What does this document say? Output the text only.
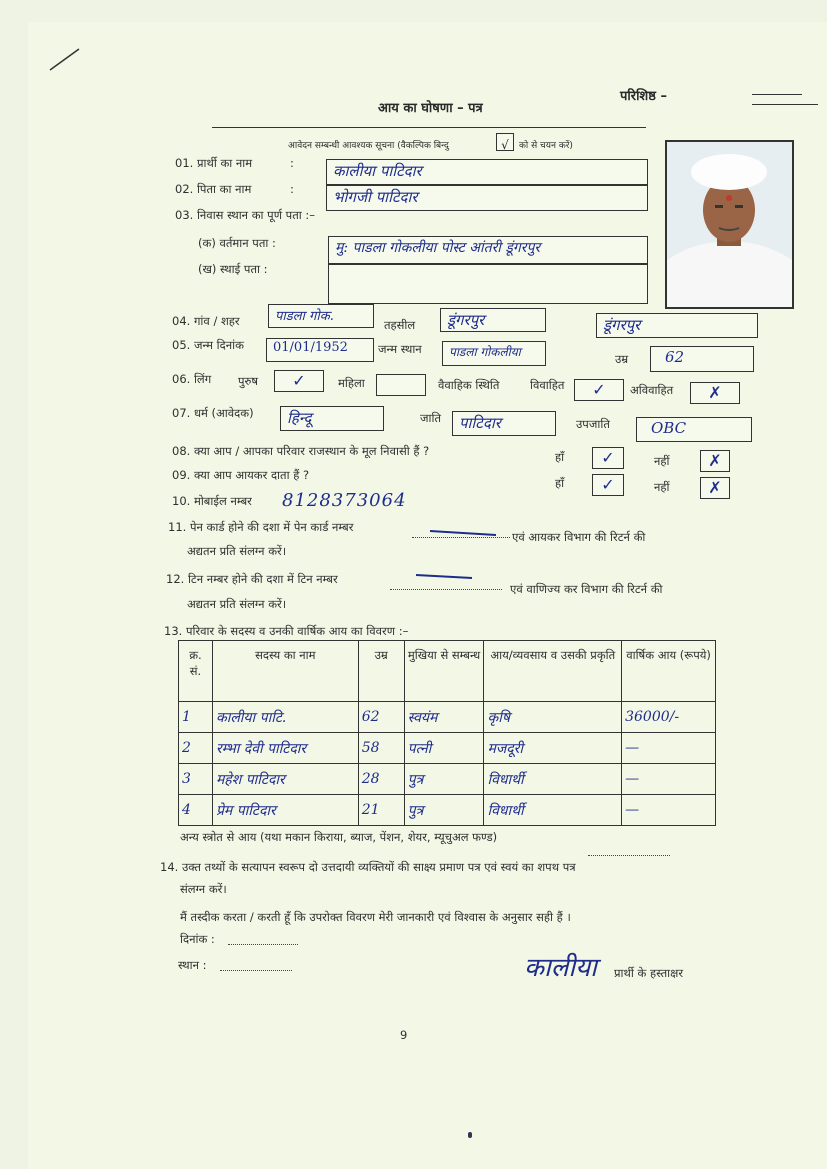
परिशिष्ठ –
आय का घोषणा – पत्र
आवेदन सम्बन्धी आवश्यक सूचना (वैकल्पिक बिन्दु	√	को से चयन करें)
01. प्रार्थी का नाम	:	कालीया पाटिदार
02. पिता का नाम	:	भोगजी पाटिदार
03. निवास स्थान का पूर्ण पता :–
(क) वर्तमान पता :	मु: पाडला गोकलीया पोस्ट आंतरी डूंगरपुर
(ख) स्थाई पता :
04. गांव / शहर	पाडला गोक.
तहसील डूंगरपुर	डूंगरपुर
05. जन्म दिनांक 01/01/1952	जन्म स्थान पाडला गोकलीया	उम्र 62
06. लिंग पुरुष	✓	महिला	वैवाहिक स्थिति	विवाहित	✓	अविवाहित	✗
07. धर्म (आवेदक) हिन्दू	जाति पाटिदार	उपजाति	OBC
08. क्या आप / आपका परिवार राजस्थान के मूल निवासी हैं ?	हाँ	✓	नहीं	✗
09. क्या आप आयकर दाता हैं ?
हाँ	✓	नहीं	✗
10. मोबाईल नम्बर 8128373064
11. पेन कार्ड होने की दशा में पेन कार्ड नम्बर
एवं आयकर विभाग की रिटर्न की
अद्यतन प्रति संलग्न करें।
12. टिन नम्बर होने की दशा में टिन नम्बर
एवं वाणिज्य कर विभाग की रिटर्न की
अद्यतन प्रति संलग्न करें।
13. परिवार के सदस्य व उनकी वार्षिक आय का विवरण :–
क्र. सं.	सदस्य का नाम	उम्र	मुखिया से सम्बन्ध	आय/व्यवसाय व उसकी प्रकृति	वार्षिक आय (रूपये)
1	कालीया पाटि.	62	स्वयंम	कृषि	36000/-
2	रम्भा देवी पाटिदार	58	पत्नी	मजदूरी	—
3	महेश पाटिदार	28	पुत्र	विधार्थी	—
4	प्रेम पाटिदार	21	पुत्र	विधार्थी	—
अन्य स्त्रोत से आय (यथा मकान किराया, ब्याज, पेंशन, शेयर, म्यूचुअल फण्ड)
14. उक्त तथ्यों के सत्यापन स्वरूप दो उत्तदायी व्यक्तियों की साक्ष्य प्रमाण पत्र एवं स्वयं का शपथ पत्र
संलग्न करें।
मैं तस्दीक करता / करती हूँ कि उपरोक्त विवरण मेरी जानकारी एवं विश्वास के अनुसार सही हैं ।
दिनांक :
स्थान :	कालीया प्रार्थी के हस्ताक्षर
9
